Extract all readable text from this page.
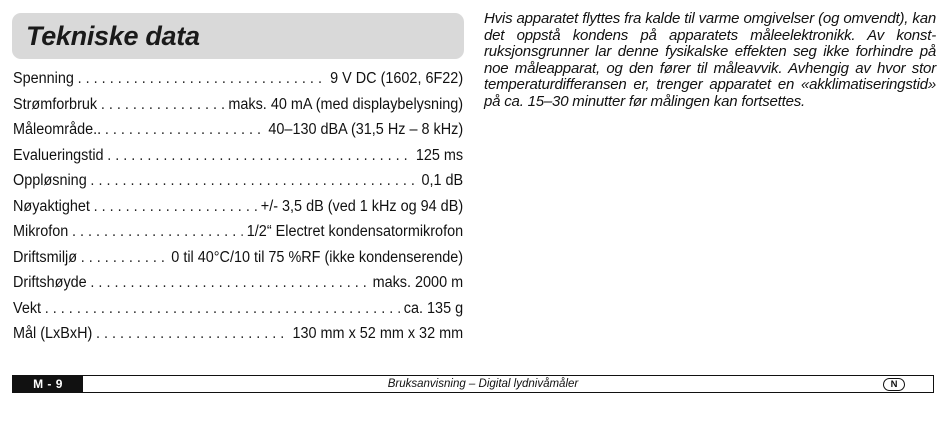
Tekniske data
Spenning . . .	9 V DC (1602, 6F22)
Strømforbruk . . .	maks. 40 mA (med displaybelysning)
Måleområde.. . . .	40–130 dBA (31,5 Hz – 8 kHz)
Evalueringstid . . .	125 ms
Oppløsning . . .	0,1 dB
Nøyaktighet . . .	+/- 3,5 dB (ved 1 kHz og 94 dB)
Mikrofon . . .	1/2“ Electret kondensatormikrofon
Driftsmiljø . . .	0 til 40°C/10 til 75 %RF (ikke kondenserende)
Driftshøyde . . .	maks. 2000 m
Vekt . . .	ca. 135 g
Mål (LxBxH) . . .	130 mm x 52 mm x 32 mm

Hvis apparatet flyttes fra kalde til varme omgivelser (og omvendt), kan det oppstå kondens på apparatets måleelektronikk. Av konst-ruksjonsgrunner lar denne fysikalske effekten seg ikke forhindre på noe måleapparat, og den fører til måleavvik. Avhengig av hvor stor temperaturdifferansen er, trenger apparatet en «akklimatiseringstid» på ca. 15–30 minutter før målingen kan fortsettes.

M - 9	Bruksanvisning – Digital lydnivåmåler	N
